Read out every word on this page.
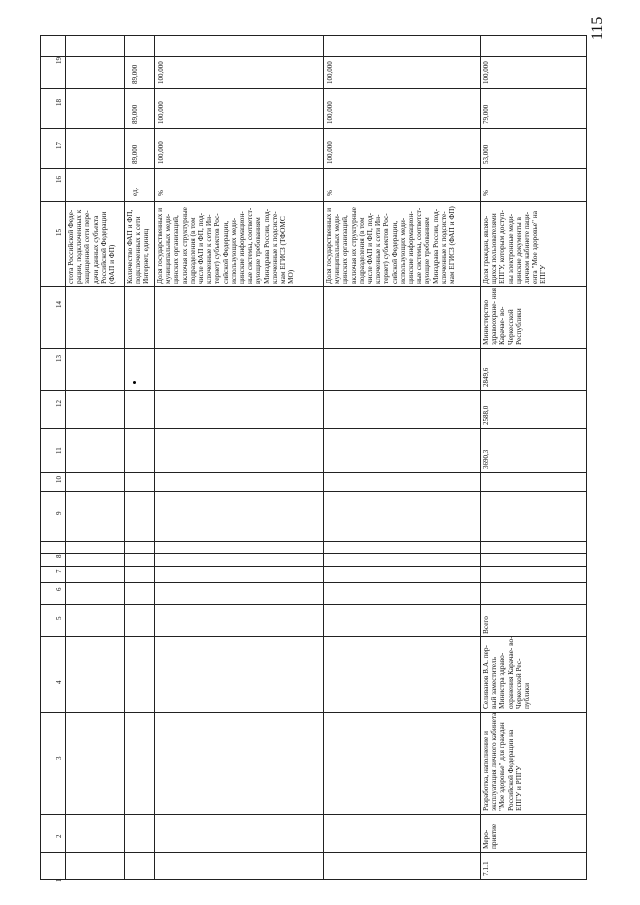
115
1
2
3
4
5
6
7
8
9
10
11
12
13
14
15
16
17
18
19
стота Российской Феде- рации, подключенных к защищенной сети пере- дачи данных субъекта Российской Федерации (ФАП и ФП) Количество ФАП и ФП, подключенных к сети Интернет, единиц
ед.
89,000
89,000
89,000
Доля государственных и муниципальных меди- цинских организаций, включая их структурные подразделения (в том числе ФАП и ФП, под- ключенные к сети Ин- тернет) субъектов Рос- сийской Федерации, использующих меди- цинские информацион- ные системы, соответст- вующие требованиям Минздрава России, под- ключенные к подсисте- мам ЕГИСЗ (ТФОМС МО)
%
100,000
100,000
100,000
Доля государственных и муниципальных меди- цинских организаций, включая их структурные подразделения (в том числе ФАП и ФП, под- ключенные к сети Ин- тернет) субъектов Рос- сийской Федерации, использующих меди- цинские информацион- ные системы, соответст- вующие требованиям Минздрава России, под- ключенные к подсисте- мам ЕГИСЗ (ФАП и ФП)
%
100,000
100,000
100,000
7.1.1
Меро- приятие
Разработка, наполнение и эксплуатация личного кабинета "Мое здоровье" для граждан Российской Федерации на ЕПГУ и РПГУ
Селиванов В.А. пер- вый заместитель Министра здраво- охранения Карачае- во-Черкесской Рес- публики
Всего
3690,3
2588,0
2849,6
Министерство здравоохране- ния Карачае- во-Черкесской Республики
Доля граждан, являю- щихся пользователями ЕПГУ, которым доступ- ны электронные меди- цинские документы в личном кабинете паци- ента "Мое здоровье" на ЕПГУ
%
53,000
79,000
100,000
